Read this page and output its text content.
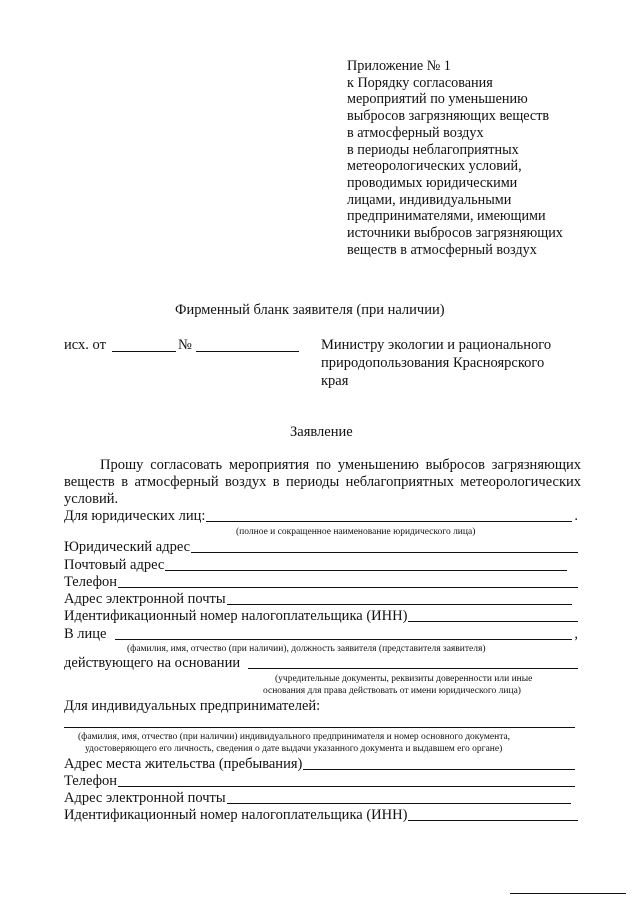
Приложение № 1
к Порядку согласования
мероприятий по уменьшению
выбросов загрязняющих веществ
в атмосферный воздух
в периоды неблагоприятных
метеорологических условий,
проводимых юридическими
лицами, индивидуальными
предпринимателями, имеющими
источники выбросов загрязняющих
веществ в атмосферный воздух
Фирменный бланк заявителя (при наличии)
исх. от	№	Министру экологии и рационального
природопользования Красноярского
края
Заявление
Прошу согласовать мероприятия по уменьшению выбросов загрязняющих веществ в атмосферный воздух в периоды неблагоприятных метеорологических условий.
Для юридических лиц:	.
(полное и сокращенное наименование юридического лица)
Юридический адрес
Почтовый адрес
Телефон
Адрес электронной почты
Идентификационный номер налогоплательщика (ИНН)
В лице	,
(фамилия, имя, отчество (при наличии), должность заявителя (представителя заявителя)
действующего на основании
(учредительные документы, реквизиты доверенности или иные
основания для права действовать от имени юридического лица)
Для индивидуальных предпринимателей:
(фамилия, имя, отчество (при наличии) индивидуального предпринимателя и номер основного документа,
удостоверяющего его личность, сведения о дате выдачи указанного документа и выдавшем его органе)
Адрес места жительства (пребывания)
Телефон
Адрес электронной почты
Идентификационный номер налогоплательщика (ИНН)
